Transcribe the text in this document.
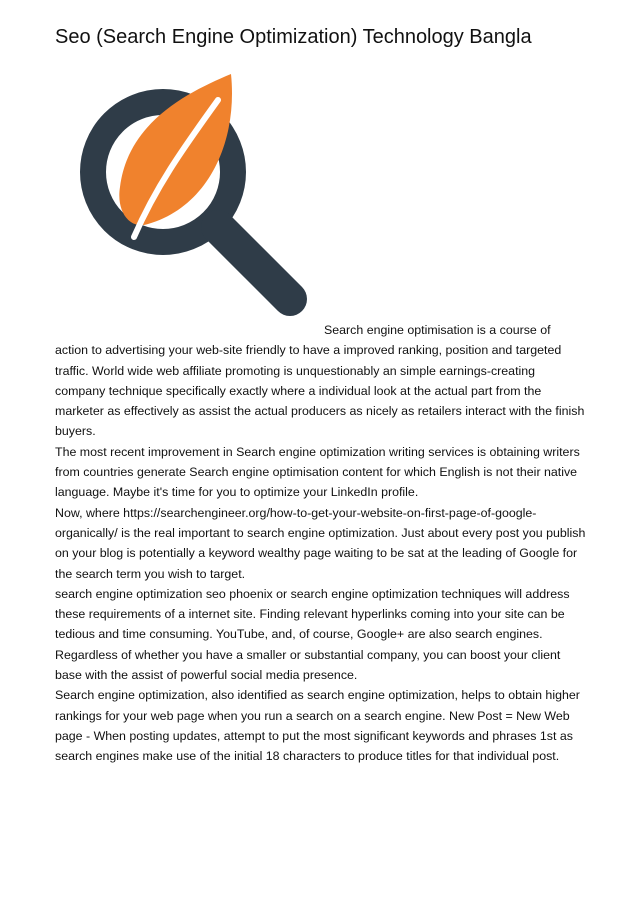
Seo (Search Engine Optimization) Technology Bangla

Search engine optimisation is a course of action to advertising your web-site friendly to have a improved ranking, position and targeted traffic. World wide web affiliate promoting is unquestionably an simple earnings-creating company technique specifically exactly where a individual look at the actual part from the marketer as effectively as assist the actual producers as nicely as retailers interact with the finish buyers.

The most recent improvement in Search engine optimization writing services is obtaining writers from countries generate Search engine optimisation content for which English is not their native language. Maybe it's time for you to optimize your LinkedIn profile.

Now, where https://searchengineer.org/how-to-get-your-website-on-first-page-of-google-organically/ is the real important to search engine optimization. Just about every post you publish on your blog is potentially a keyword wealthy page waiting to be sat at the leading of Google for the search term you wish to target.

search engine optimization seo phoenix or search engine optimization techniques will address these requirements of a internet site. Finding relevant hyperlinks coming into your site can be tedious and time consuming. YouTube, and, of course, Google+ are also search engines. Regardless of whether you have a smaller or substantial company, you can boost your client base with the assist of powerful social media presence.

Search engine optimization, also identified as search engine optimization, helps to obtain higher rankings for your web page when you run a search on a search engine. New Post = New Web page - When posting updates, attempt to put the most significant keywords and phrases 1st as search engines make use of the initial 18 characters to produce titles for that individual post.
